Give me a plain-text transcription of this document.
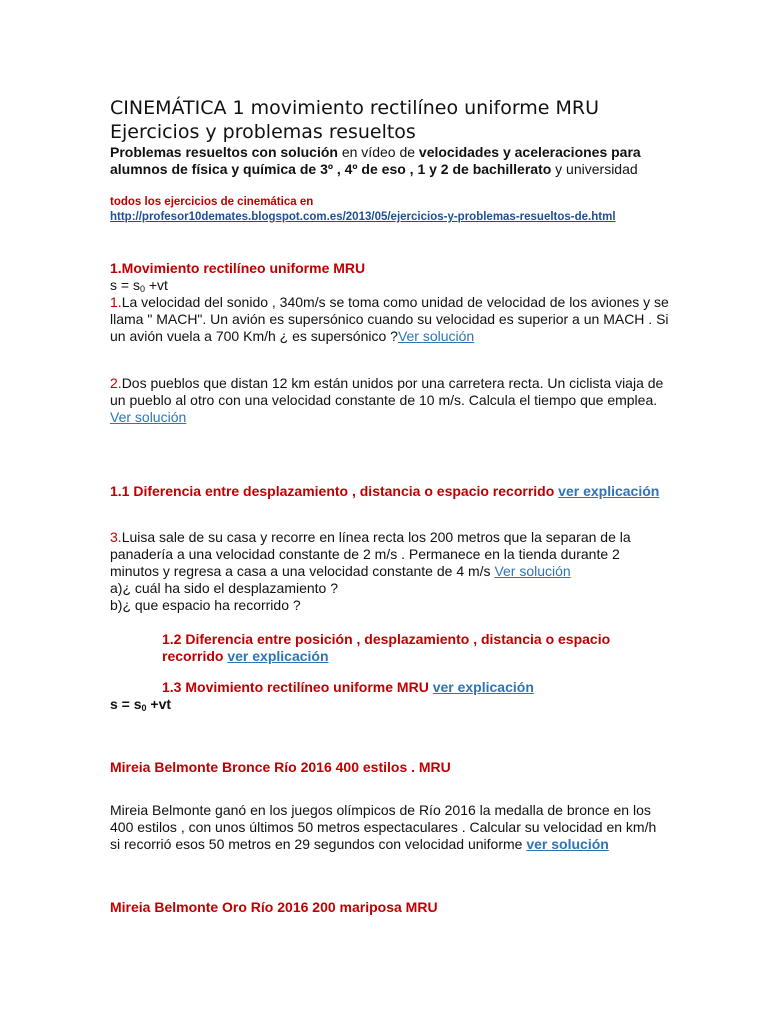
CINEMÁTICA 1 movimiento rectilíneo uniforme MRU

Ejercicios y problemas resueltos

Problemas resueltos con solución en vídeo de velocidades y aceleraciones para alumnos de física y química de 3º , 4º de eso , 1 y 2 de bachillerato y universidad

todos los ejercicios de cinemática en

http://profesor10demates.blogspot.com.es/2013/05/ejercicios-y-problemas-resueltos-de.html

1.Movimiento rectilíneo uniforme MRU

$s = s_0 +vt$

1.La velocidad del sonido , 340m/s se toma como unidad de velocidad de los aviones y se llama " MACH". Un avión es supersónico cuando su velocidad es superior a un MACH . Si un avión vuela a 700 Km/h ¿ es supersónico ?Ver solución

2.Dos pueblos que distan 12 km están unidos por una carretera recta. Un ciclista viaja de un pueblo al otro con una velocidad constante de 10 m/s. Calcula el tiempo que emplea. Ver solución

1.1 Diferencia entre desplazamiento , distancia o espacio recorrido ver explicación

3.Luisa sale de su casa y recorre en línea recta los 200 metros que la separan de la panadería a una velocidad constante de 2 m/s . Permanece en la tienda durante 2 minutos y regresa a casa a una velocidad constante de 4 m/s Ver solución

a)¿ cuál ha sido el desplazamiento ?

b)¿ que espacio ha recorrido ?

1.2 Diferencia entre posición , desplazamiento , distancia o espacio recorrido ver explicación

1.3 Movimiento rectilíneo uniforme MRU ver explicación

$s = s_0 +vt$

Mireia Belmonte Bronce Río 2016 400 estilos . MRU

Mireia Belmonte ganó en los juegos olímpicos de Río 2016 la medalla de bronce en los 400 estilos , con unos últimos 50 metros espectaculares . Calcular su velocidad en km/h si recorrió esos 50 metros en 29 segundos con velocidad uniforme ver solución

Mireia Belmonte Oro Río 2016 200 mariposa MRU
